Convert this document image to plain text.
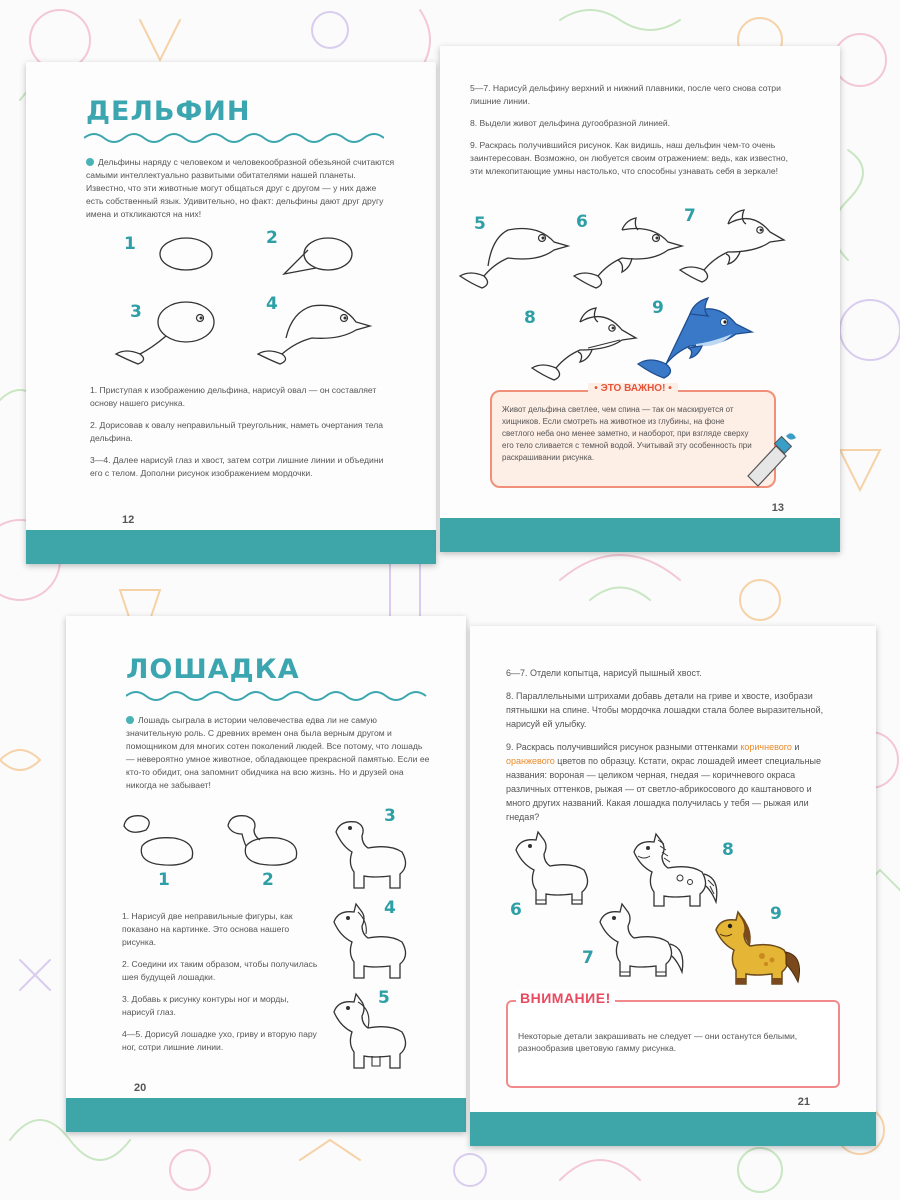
ДЕЛЬФИН
Дельфины наряду с человеком и человекообразной обезьяной считаются самыми интеллектуально развитыми обитателями нашей планеты. Известно, что эти животные могут общаться друг с другом — у них даже есть собственный язык. Удивительно, но факт: дельфины дают друг другу имена и откликаются на них!
1	2
3	4

1. Приступая к изображению дельфина, нарисуй овал — он составляет основу нашего рисунка.

2. Дорисовав к овалу неправильный треугольник, наметь очертания тела дельфина.

3—4. Далее нарисуй глаз и хвост, затем сотри лишние линии и объедини его с телом. Дополни рисунок изображением мордочки.

12

5—7. Нарисуй дельфину верхний и нижний плавники, после чего снова сотри лишние линии.

8. Выдели живот дельфина дугообразной линией.

9. Раскрась получившийся рисунок. Как видишь, наш дельфин чем-то очень заинтересован. Возможно, он любуется своим отражением: ведь, как известно, эти млекопитающие умны настолько, что способны узнавать себя в зеркале!

5	6	7
8	9
• ЭТО ВАЖНО! •
Живот дельфина светлее, чем спина — так он маскируется от хищников. Если смотреть на животное из глубины, на фоне светлого неба оно менее заметно, и наоборот, при взгляде сверху его тело сливается с темной водой. Учитывай эту особенность при раскрашивании рисунка.
13
ЛОШАДКА
Лошадь сыграла в истории человечества едва ли не самую значительную роль. С древних времен она была верным другом и помощником для многих сотен поколений людей. Все потому, что лошадь — невероятно умное животное, обладающее прекрасной памятью. Если ее кто-то обидит, она запомнит обидчика на всю жизнь. Но и друзей она никогда не забывает!
1	2
3
4
5

1. Нарисуй две неправильные фигуры, как показано на картинке. Это основа нашего рисунка.

2. Соедини их таким образом, чтобы получилась шея будущей лошадки.

3. Добавь к рисунку контуры ног и морды, нарисуй глаз.

4—5. Дорисуй лошадке ухо, гриву и вторую пару ног, сотри лишние линии.

20

6—7. Отдели копытца, нарисуй пышный хвост.

8. Параллельными штрихами добавь детали на гриве и хвосте, изобрази пятнышки на спине. Чтобы мордочка лошадки стала более выразительной, нарисуй ей улыбку.

9. Раскрась получившийся рисунок разными оттенками коричневого и оранжевого цветов по образцу. Кстати, окрас лошадей имеет специальные названия: вороная — целиком черная, гнедая — коричневого окраса различных оттенков, рыжая — от светло-абрикосового до каштанового и много других названий. Какая лошадка получилась у тебя — рыжая или гнедая?

6
8
7
9
ВНИМАНИЕ!
Некоторые детали закрашивать не следует — они останутся белыми, разнообразив цветовую гамму рисунка.
21
